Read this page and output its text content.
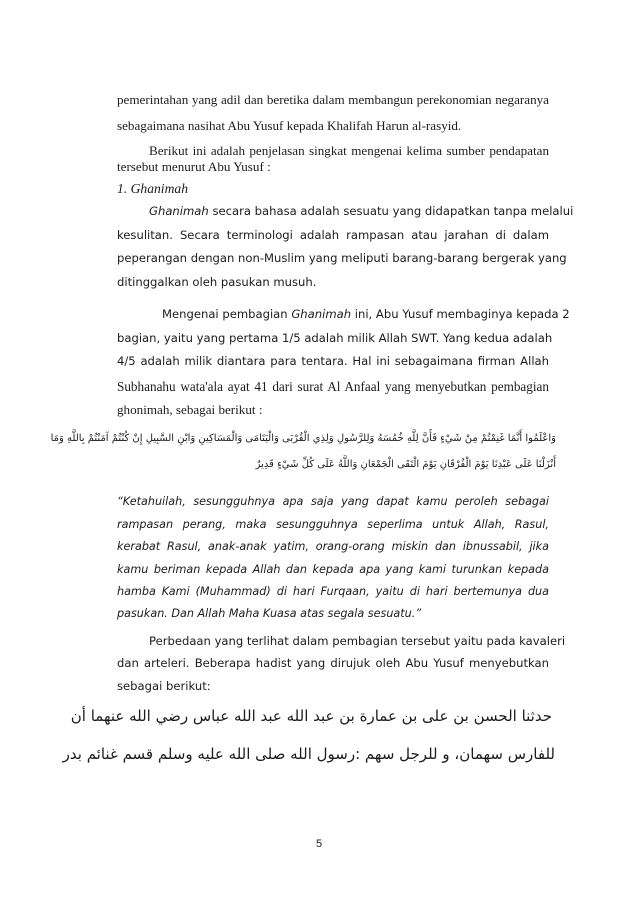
pemerintahan yang adil dan beretika dalam membangun perekonomian negaranya
sebagaimana nasihat Abu Yusuf kepada Khalifah Harun al-rasyid.
Berikut ini adalah penjelasan singkat mengenai kelima sumber pendapatan
tersebut menurut Abu Yusuf :
1. Ghanimah
Ghanimah secara bahasa adalah sesuatu yang didapatkan tanpa melalui
kesulitan. Secara terminologi adalah rampasan atau jarahan di dalam
peperangan dengan non-Muslim yang meliputi barang-barang bergerak yang
ditinggalkan oleh pasukan musuh.
Mengenai pembagian Ghanimah ini, Abu Yusuf membaginya kepada 2
bagian, yaitu yang pertama 1/5 adalah milik Allah SWT. Yang kedua adalah
4/5 adalah milik diantara para tentara. Hal ini sebagaimana firman Allah
Subhanahu wata'ala ayat 41 dari surat Al Anfaal yang menyebutkan pembagian
ghonimah, sebagai berikut :
وَاعْلَمُوا أَنَّمَا غَنِمْتُمْ مِنْ شَيْءٍ فَأَنَّ لِلَّهِ خُمُسَهُ وَلِلرَّسُولِ وَلِذِي الْقُرْبَى وَالْيَتَامَى وَالْمَسَاكِينِ وَابْنِ السَّبِيلِ إِنْ كُنْتُمْ آمَنْتُمْ بِاللَّهِ وَمَا
أَنْزَلْنَا عَلَى عَبْدِنَا يَوْمَ الْفُرْقَانِ يَوْمَ الْتَقَى الْجَمْعَانِ وَاللَّهُ عَلَى كُلِّ شَيْءٍ قَدِيرٌ
“Ketahuilah, sesungguhnya apa saja yang dapat kamu peroleh sebagai
rampasan perang, maka sesungguhnya seperlima untuk Allah, Rasul,
kerabat Rasul, anak-anak yatim, orang-orang miskin dan ibnussabil, jika
kamu beriman kepada Allah dan kepada apa yang kami turunkan kepada
hamba Kami (Muhammad) di hari Furqaan, yaitu di hari bertemunya dua
pasukan. Dan Allah Maha Kuasa atas segala sesuatu.”
Perbedaan yang terlihat dalam pembagian tersebut yaitu pada kavaleri
dan arteleri. Beberapa hadist yang dirujuk oleh Abu Yusuf menyebutkan
sebagai berikut:
حدثنا الحسن بن على بن عمارة بن عبد الله عبد الله عباس رضي الله عنهما أن
للفارس سهمان، و للرجل سهم :رسول الله صلى الله عليه وسلم قسم غنائم بدر
5
